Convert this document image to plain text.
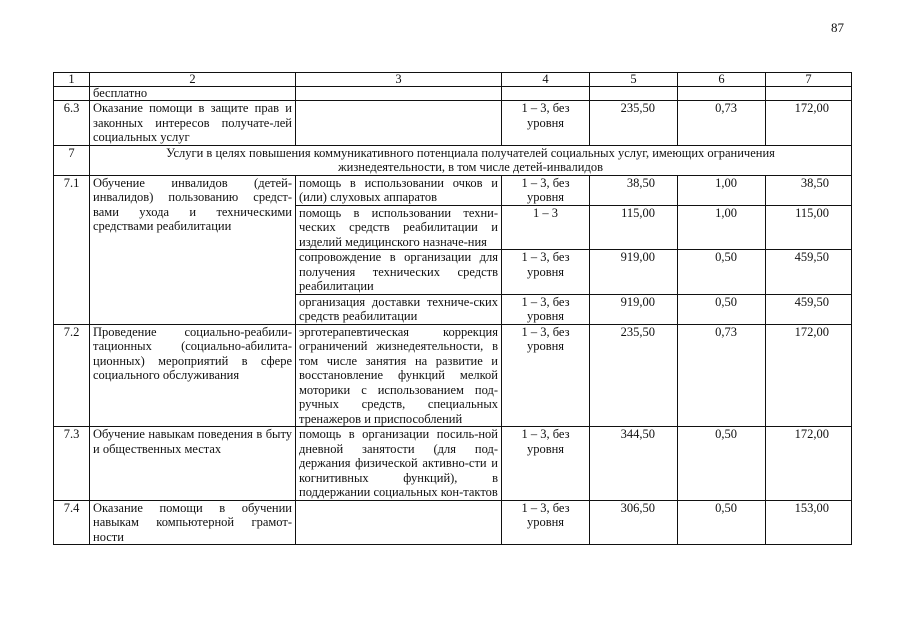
87
1	2	3	4	5	6	7
	бесплатно					
6.3	Оказание помощи в защите прав и законных интересов получате-лей социальных услуг		1 – 3, без уровня	235,50	0,73	172,00
7	Услуги в целях повышения коммуникативного потенциала получателей социальных услуг, имеющих ограничения жизнедеятельности, в том числе детей-инвалидов					
7.1	Обучение инвалидов (детей-инвалидов) пользованию средст-вами ухода и техническими средствами реабилитации	помощь в использовании очков и (или) слуховых аппаратов	1 – 3, без уровня	38,50	1,00	38,50
		помощь в использовании техни-ческих средств реабилитации и изделий медицинского назначе-ния	1 – 3	115,00	1,00	115,00
		сопровождение в организации для получения технических средств реабилитации	1 – 3, без уровня	919,00	0,50	459,50
		организация доставки техниче-ских средств реабилитации	1 – 3, без уровня	919,00	0,50	459,50
7.2	Проведение социально-реабили-тационных (социально-абилита-ционных) мероприятий в сфере социального обслуживания	эрготерапевтическая коррекция ограничений жизнедеятельности, в том числе занятия на развитие и восстановление функций мелкой моторики с использованием под-ручных средств, специальных тренажеров и приспособлений	1 – 3, без уровня	235,50	0,73	172,00
7.3	Обучение навыкам поведения в быту и общественных местах	помощь в организации посиль-ной дневной занятости (для под-держания физической активно-сти и когнитивных функций), в поддержании социальных кон-тактов	1 – 3, без уровня	344,50	0,50	172,00
7.4	Оказание помощи в обучении навыкам компьютерной грамот-ности		1 – 3, без уровня	306,50	0,50	153,00
